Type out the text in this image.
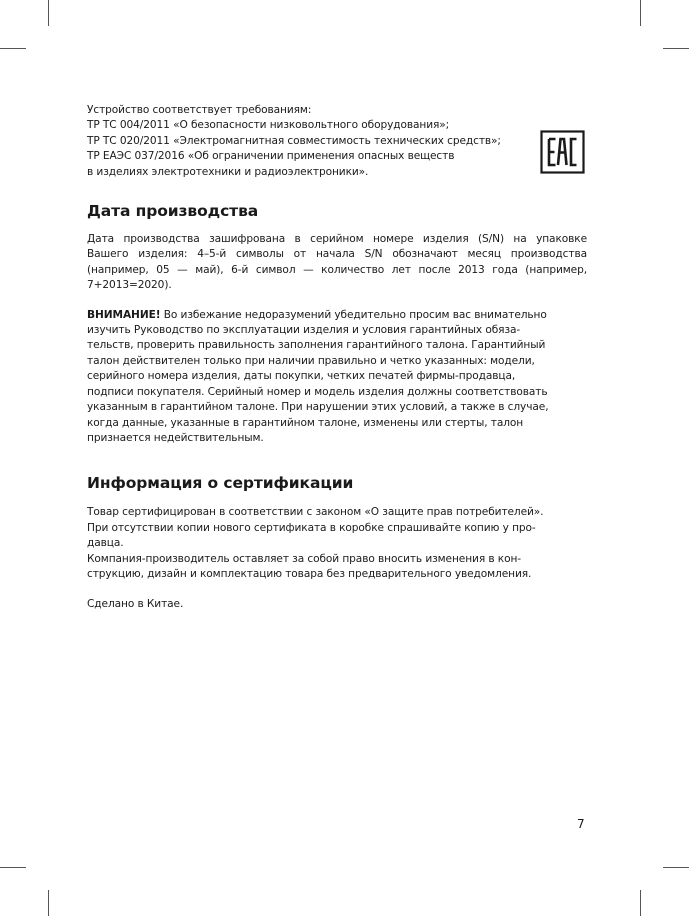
Устройство соответствует требованиям:
ТР ТС 004/2011 «О безопасности низковольтного оборудования»;
ТР ТС 020/2011 «Электромагнитная совместимость технических средств»;
ТР ЕАЭС 037/2016 «Об ограничении применения опасных веществ
в изделиях электротехники и радиоэлектроники».
Дата производства
Дата производства зашифрована в серийном номере изделия (S/N) на упаковке
Вашего изделия: 4–5-й символы от начала S/N обозначают месяц производства
(например, 05 — май), 6-й символ — количество лет после 2013 года (например,
7+2013=2020).
ВНИМАНИЕ! Во избежание недоразумений убедительно просим вас внимательно
изучить Руководство по эксплуатации изделия и условия гарантийных обяза-
тельств, проверить правильность заполнения гарантийного талона. Гарантийный
талон действителен только при наличии правильно и четко указанных: модели,
серийного номера изделия, даты покупки, четких печатей фирмы-продавца,
подписи покупателя. Серийный номер и модель изделия должны соответствовать
указанным в гарантийном талоне. При нарушении этих условий, а также в случае,
когда данные, указанные в гарантийном талоне, изменены или стерты, талон
признается недействительным.
Информация о сертификации
Товар сертифицирован в соответствии с законом «О защите прав потребителей».
При отсутствии копии нового сертификата в коробке спрашивайте копию у про-
давца.
Компания-производитель оставляет за собой право вносить изменения в кон-
струкцию, дизайн и комплектацию товара без предварительного уведомления.
Сделано в Китае.
7
